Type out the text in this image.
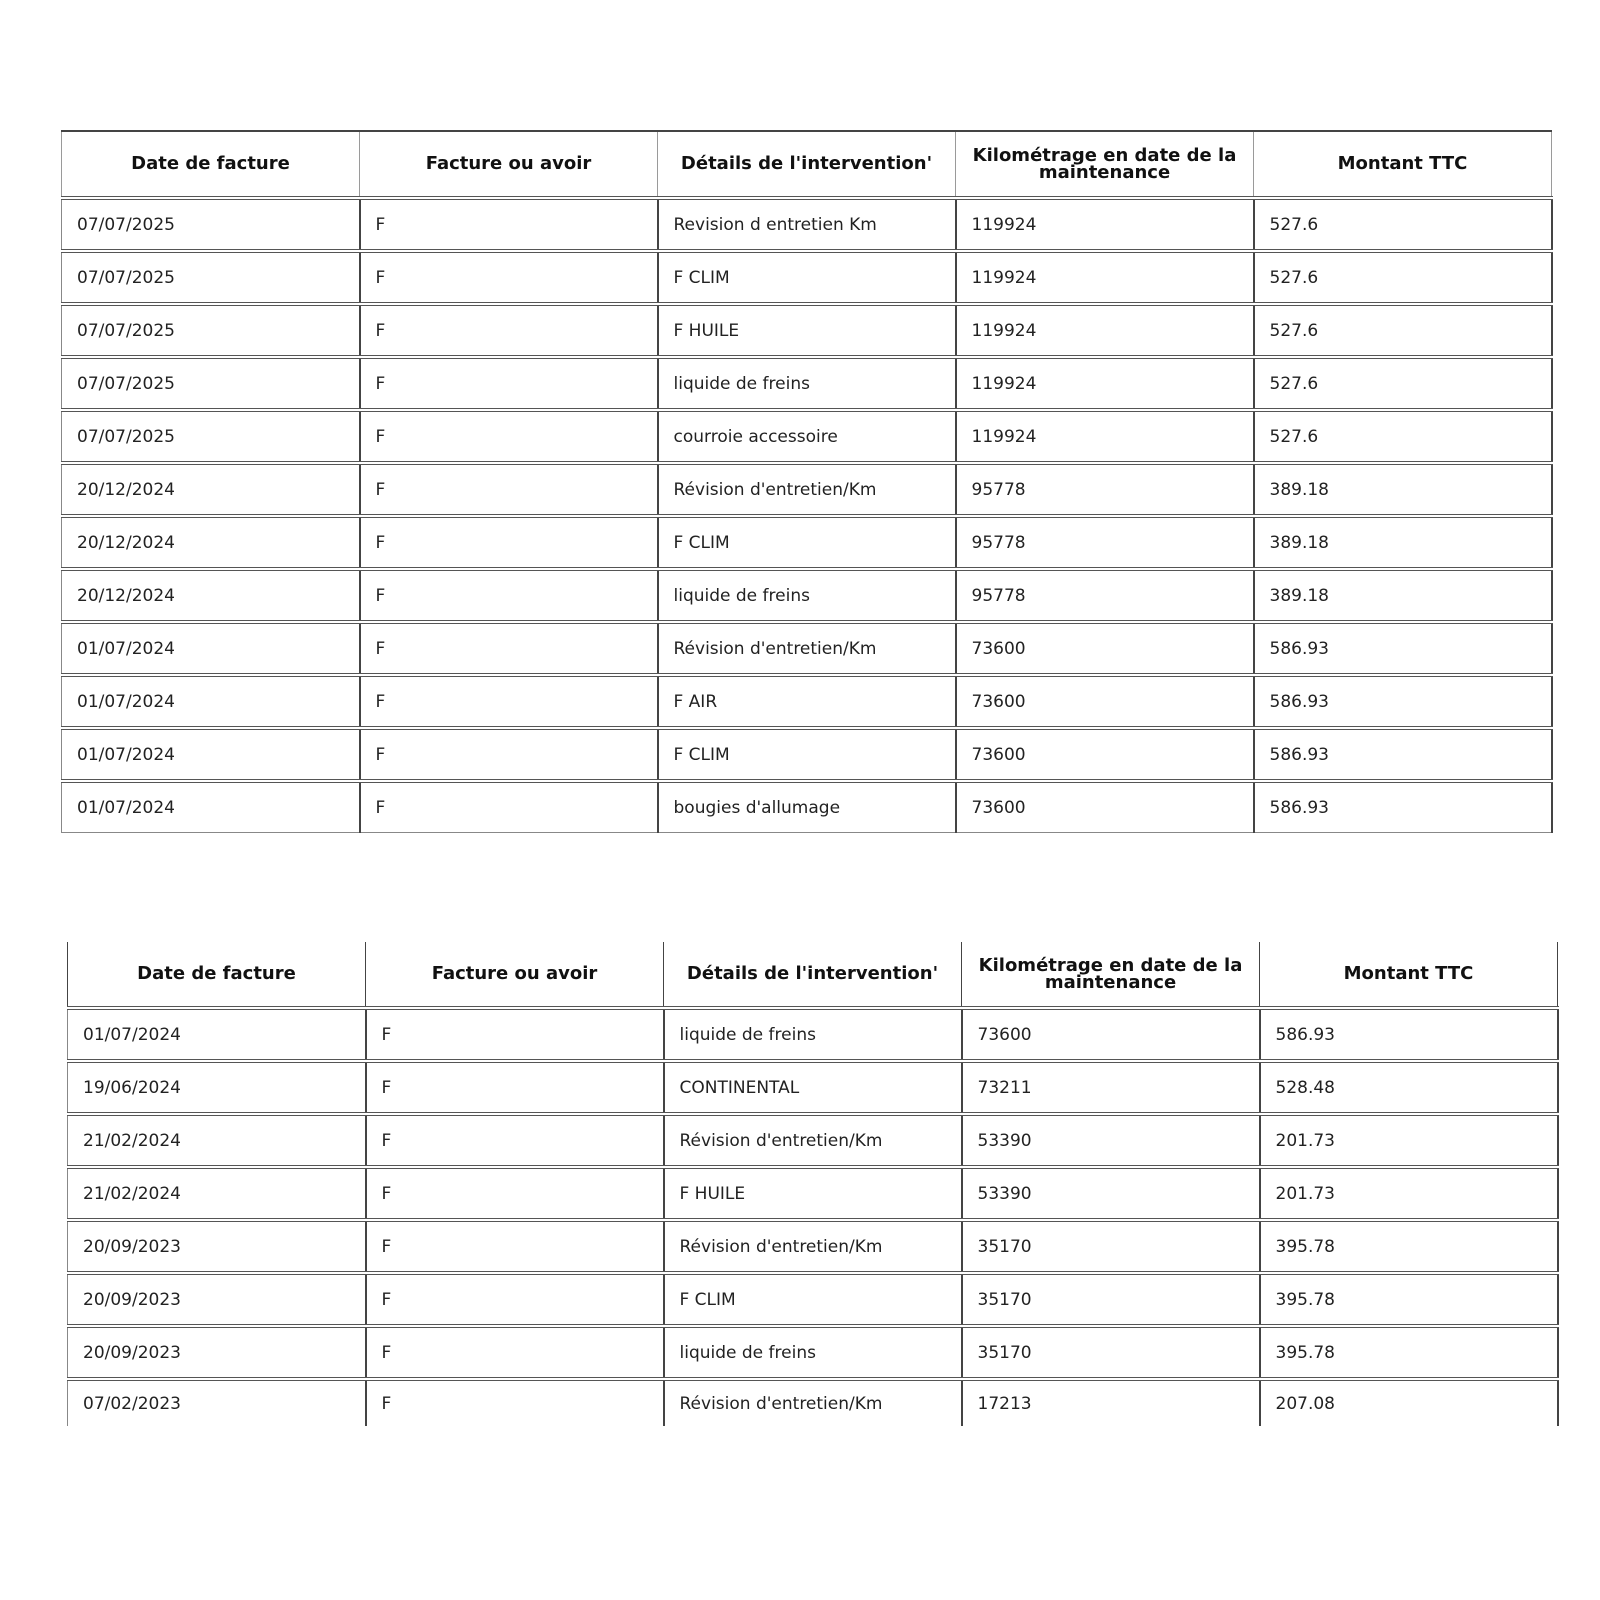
Date de facture	Facture ou avoir	Détails de l'intervention'	Kilométrage en date de la maintenance	Montant TTC
07/07/2025	F	Revision d entretien Km	119924	527.6
07/07/2025	F	F CLIM	119924	527.6
07/07/2025	F	F HUILE	119924	527.6
07/07/2025	F	liquide de freins	119924	527.6
07/07/2025	F	courroie accessoire	119924	527.6
20/12/2024	F	Révision d'entretien/Km	95778	389.18
20/12/2024	F	F CLIM	95778	389.18
20/12/2024	F	liquide de freins	95778	389.18
01/07/2024	F	Révision d'entretien/Km	73600	586.93
01/07/2024	F	F AIR	73600	586.93
01/07/2024	F	F CLIM	73600	586.93
01/07/2024	F	bougies d'allumage	73600	586.93
Date de facture	Facture ou avoir	Détails de l'intervention'	Kilométrage en date de la maintenance	Montant TTC
01/07/2024	F	liquide de freins	73600	586.93
19/06/2024	F	CONTINENTAL	73211	528.48
21/02/2024	F	Révision d'entretien/Km	53390	201.73
21/02/2024	F	F HUILE	53390	201.73
20/09/2023	F	Révision d'entretien/Km	35170	395.78
20/09/2023	F	F CLIM	35170	395.78
20/09/2023	F	liquide de freins	35170	395.78
07/02/2023	F	Révision d'entretien/Km	17213	207.08
